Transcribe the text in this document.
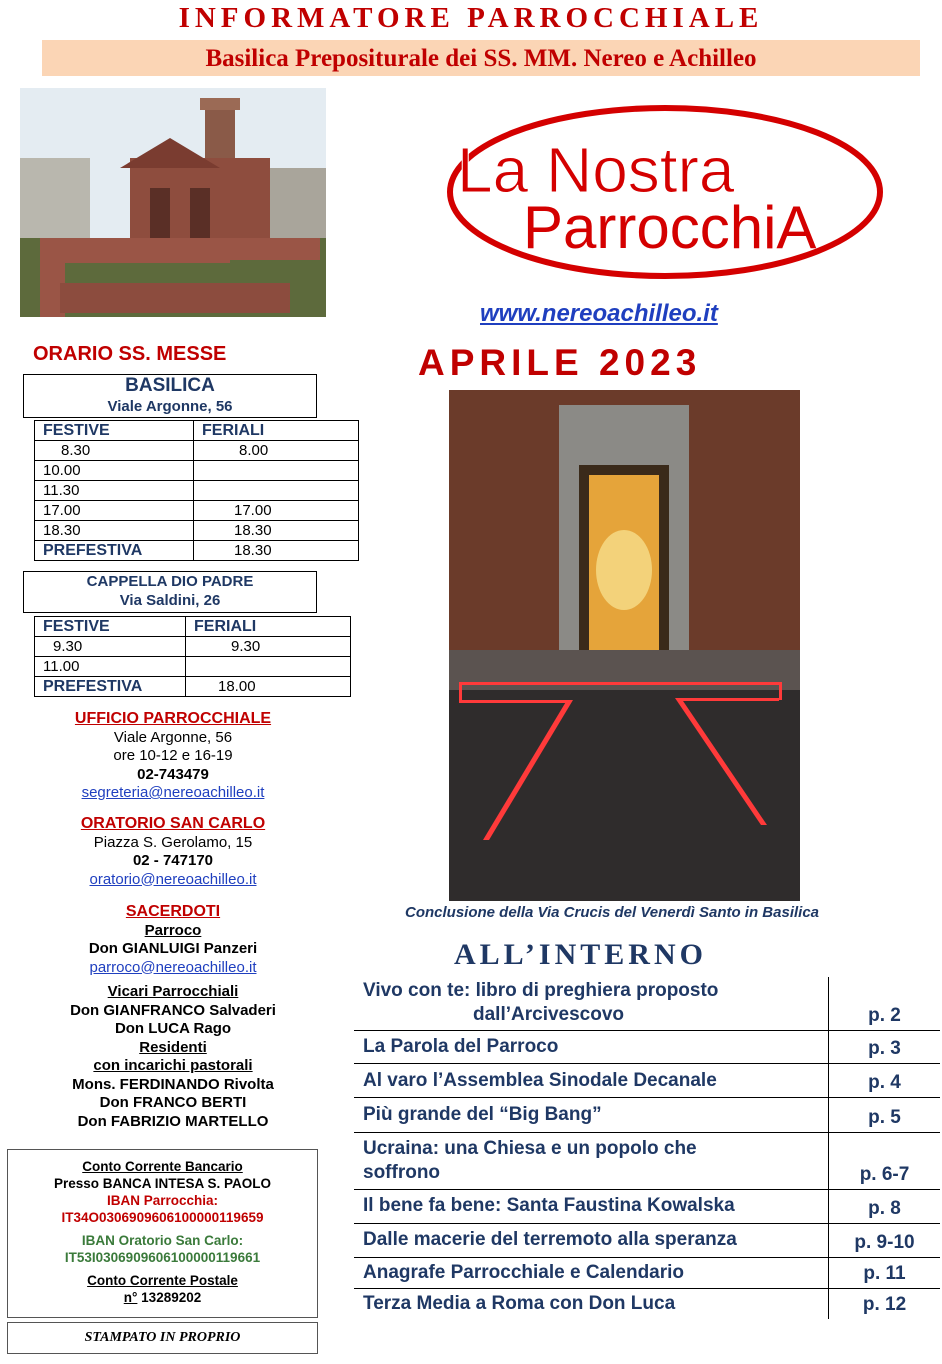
INFORMATORE PARROCCHIALE
Basilica Prepositurale dei SS. MM. Nereo e Achilleo
La Nostra
ParrocchiA
www.nereoachilleo.it
APRILE 2023
Conclusione della Via Crucis del Venerdì Santo in Basilica
ORARIO SS. MESSE
BASILICA
Viale Argonne, 56
FESTIVE	FERIALI
8.30	8.00
10.00	
11.30	
17.00	17.00
18.30	18.30
PREFESTIVA	18.30
CAPPELLA DIO PADRE
Via Saldini, 26
FESTIVE	FERIALI
9.30	9.30
11.00	
PREFESTIVA	18.00
UFFICIO PARROCCHIALE
Viale Argonne, 56
ore 10-12 e 16-19
02-743479
segreteria@nereoachilleo.it
ORATORIO SAN CARLO
Piazza S. Gerolamo, 15
02 - 747170
oratorio@nereoachilleo.it
SACERDOTI
Parroco
Don GIANLUIGI Panzeri
parroco@nereoachilleo.it
Vicari Parrocchiali
Don GIANFRANCO Salvaderi
Don LUCA Rago
Residenti
con incarichi pastorali
Mons. FERDINANDO Rivolta
Don FRANCO BERTI
Don FABRIZIO MARTELLO
Conto Corrente Bancario
Presso BANCA INTESA S. PAOLO
IBAN Parrocchia:
IT34O0306909606100000119659
IBAN Oratorio San Carlo:
IT53I0306909606100000119661
Conto Corrente Postale
n° 13289202
STAMPATO IN PROPRIO
ALL’INTERNO
Vivo con te: libro di preghiera proposto
dall’Arcivescovo	p. 2
La Parola del Parroco	p. 3
Al varo l’Assemblea Sinodale Decanale	p. 4
Più grande del “Big Bang”	p. 5
Ucraina: una Chiesa e un popolo che
soffrono	p. 6-7
Il bene fa bene: Santa Faustina Kowalska	p. 8
Dalle macerie del terremoto alla speranza	p. 9-10
Anagrafe Parrocchiale e Calendario	p. 11
Terza Media a Roma con Don Luca	p. 12
